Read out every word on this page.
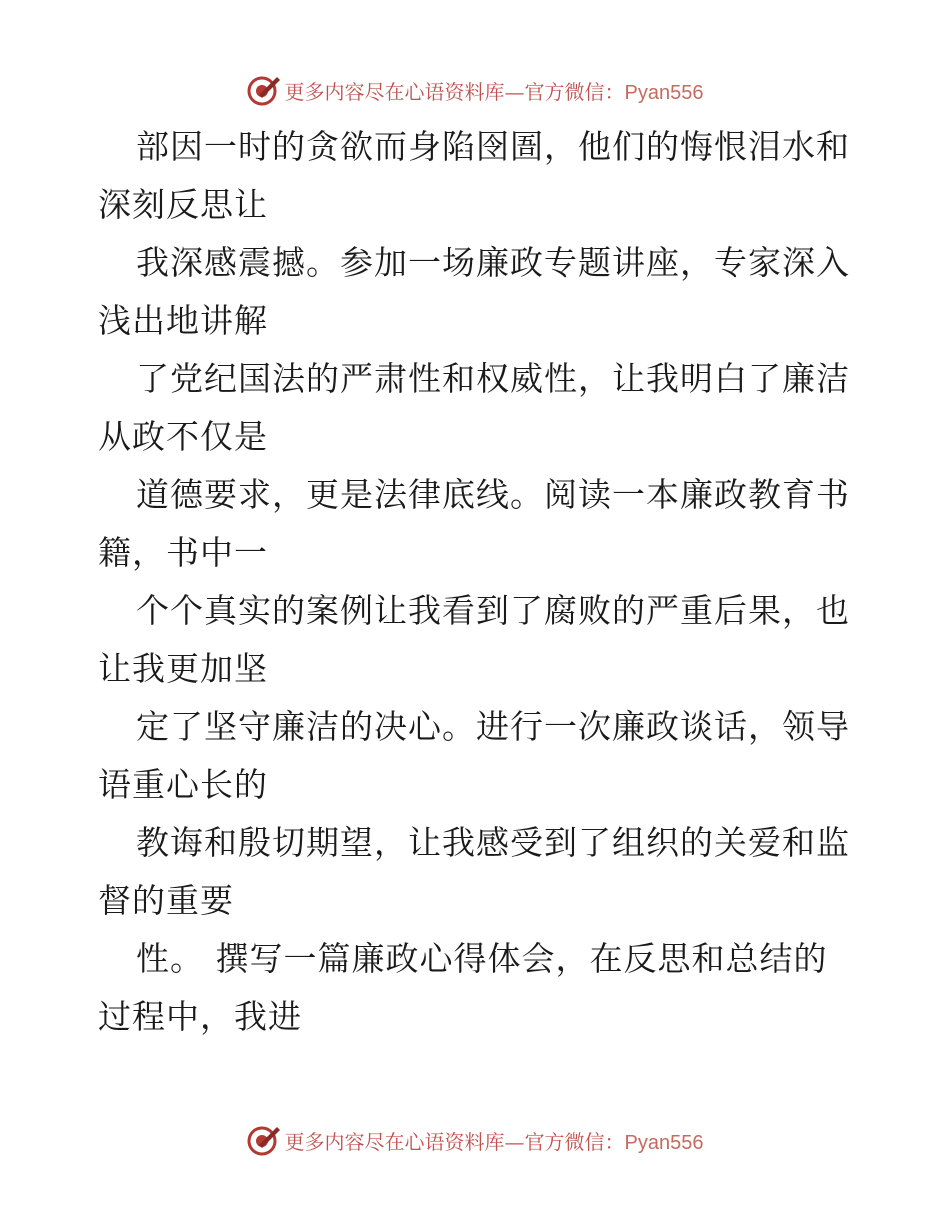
更多内容尽在心语资料库—官方微信：Pyan556

部因一时的贪欲而身陷囹圄，他们的悔恨泪水和
深刻反思让

我深感震撼。参加一场廉政专题讲座，专家深入
浅出地讲解

了党纪国法的严肃性和权威性，让我明白了廉洁
从政不仅是

道德要求，更是法律底线。阅读一本廉政教育书
籍，书中一

个个真实的案例让我看到了腐败的严重后果，也
让我更加坚

定了坚守廉洁的决心。进行一次廉政谈话，领导
语重心长的

教诲和殷切期望，让我感受到了组织的关爱和监
督的重要

性。 撰写一篇廉政心得体会，在反思和总结的
过程中，我进

更多内容尽在心语资料库—官方微信：Pyan556
